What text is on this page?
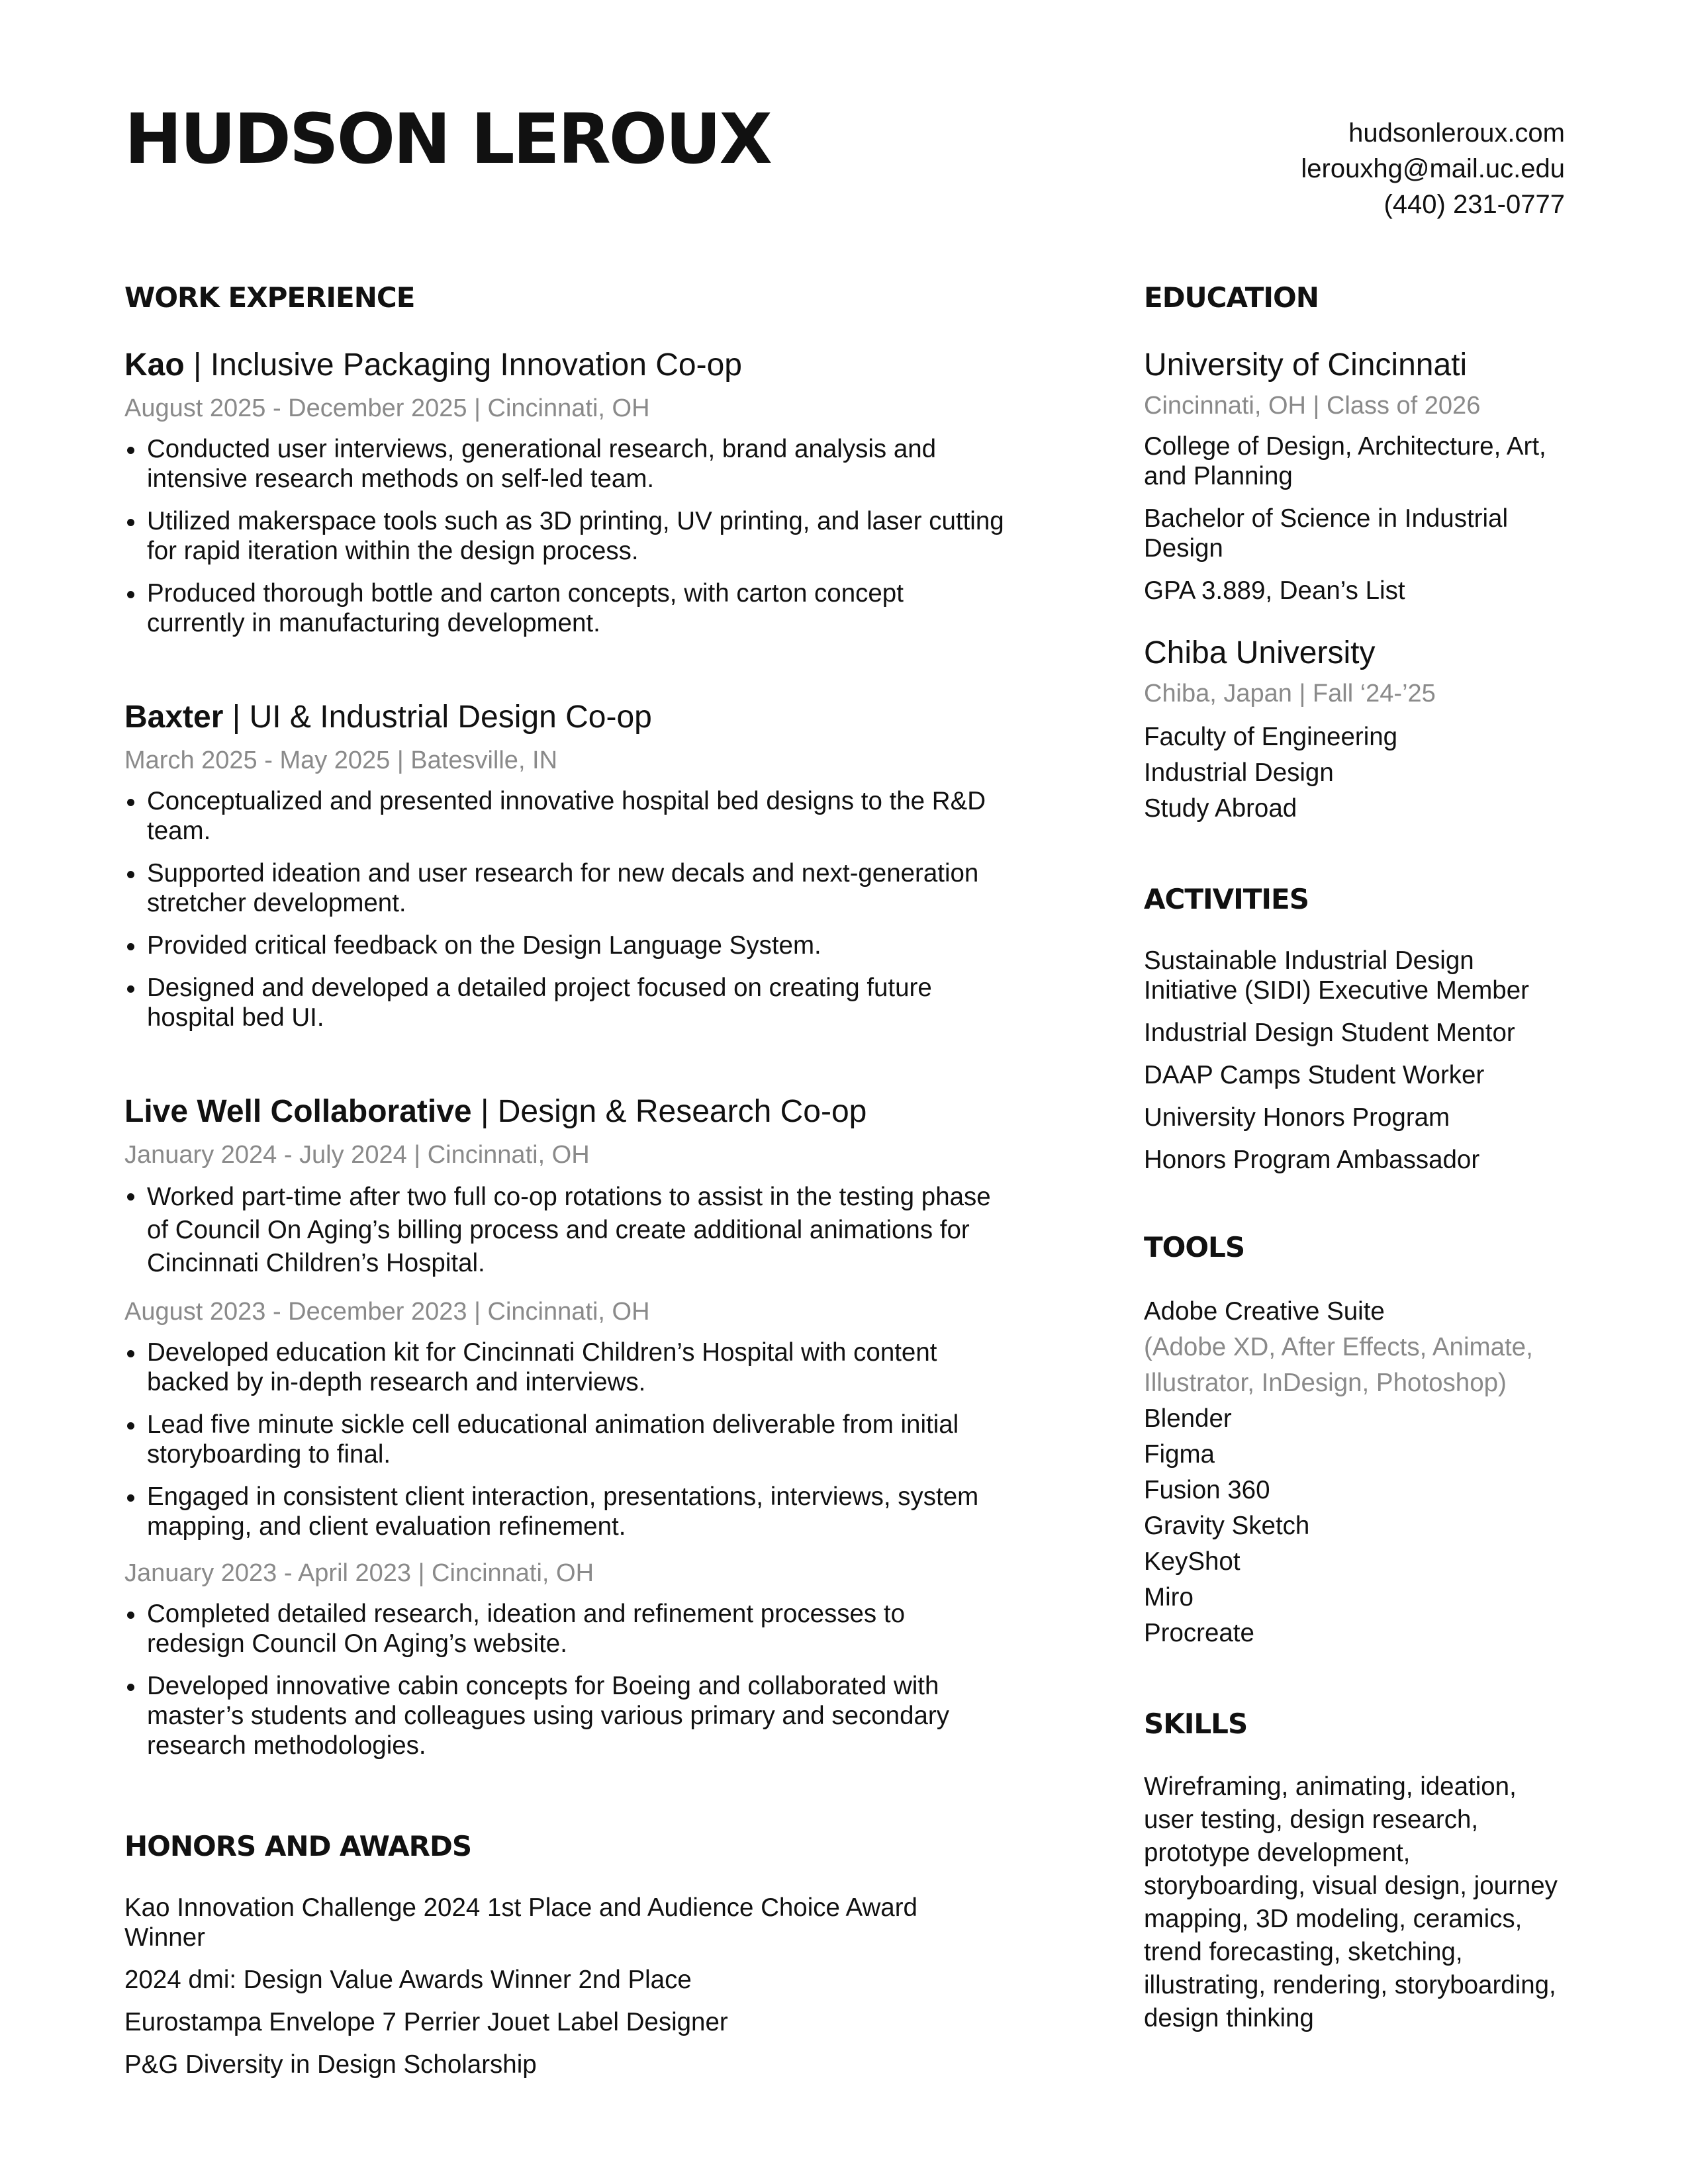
HUDSON LEROUX	hudsonleroux.com
lerouxhg@mail.uc.edu
(440) 231-0777
WORK EXPERIENCE

Kao | Inclusive Packaging Innovation Co-op

August 2025 - December 2025 | Cincinnati, OH

Conducted user interviews, generational research, brand analysis and intensive research methods on self-led team.
Utilized makerspace tools such as 3D printing, UV printing, and laser cutting for rapid iteration within the design process.
Produced thorough bottle and carton concepts, with carton concept currently in manufacturing development.

Baxter | UI & Industrial Design Co-op

March 2025 - May 2025 | Batesville, IN

Conceptualized and presented innovative hospital bed designs to the R&D team.
Supported ideation and user research for new decals and next-generation stretcher development.
Provided critical feedback on the Design Language System.
Designed and developed a detailed project focused on creating future hospital bed UI.

Live Well Collaborative | Design & Research Co-op

January 2024 - July 2024 | Cincinnati, OH

Worked part-time after two full co-op rotations to assist in the testing phase of Council On Aging’s billing process and create additional animations for Cincinnati Children’s Hospital.

August 2023 - December 2023 | Cincinnati, OH

Developed education kit for Cincinnati Children’s Hospital with content backed by in-depth research and interviews.
Lead five minute sickle cell educational animation deliverable from initial storyboarding to final.
Engaged in consistent client interaction, presentations, interviews, system mapping, and client evaluation refinement.

January 2023 - April 2023 | Cincinnati, OH

Completed detailed research, ideation and refinement processes to redesign Council On Aging’s website.
Developed innovative cabin concepts for Boeing and collaborated with master’s students and colleagues using various primary and secondary research methodologies.
HONORS AND AWARDS
Kao Innovation Challenge 2024 1st Place and Audience Choice Award Winner
2024 dmi: Design Value Awards Winner 2nd Place
Eurostampa Envelope 7 Perrier Jouet Label Designer
P&G Diversity in Design Scholarship
EDUCATION

University of Cincinnati

Cincinnati, OH | Class of 2026

College of Design, Architecture, Art, and Planning
Bachelor of Science in Industrial Design
GPA 3.889, Dean’s List

Chiba University

Chiba, Japan | Fall ‘24-’25

Faculty of Engineering
Industrial Design
Study Abroad
ACTIVITIES
Sustainable Industrial Design Initiative (SIDI) Executive Member
Industrial Design Student Mentor
DAAP Camps Student Worker
University Honors Program
Honors Program Ambassador
TOOLS
Adobe Creative Suite
(Adobe XD, After Effects, Animate, Illustrator, InDesign, Photoshop)
Blender
Figma
Fusion 360
Gravity Sketch
KeyShot
Miro
Procreate
SKILLS
Wireframing, animating, ideation, user testing, design research, prototype development, storyboarding, visual design, journey mapping, 3D modeling, ceramics, trend forecasting, sketching, illustrating, rendering, storyboarding, design thinking
